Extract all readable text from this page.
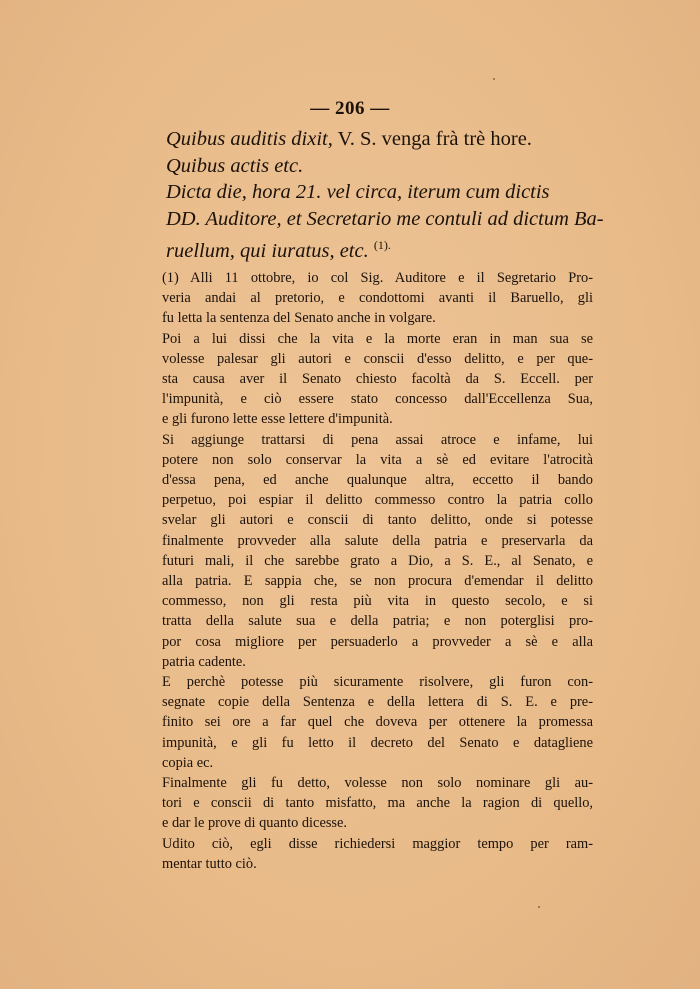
— 206 —

Quibus auditis dixit, V. S. venga frà trè hore.

Quibus actis etc.

Dicta die, hora 21. vel circa, iterum cum dictis

DD. Auditore, et Secretario me contuli ad dictum Ba-

ruellum, qui iuratus, etc. $^{(1).}$

(1) Alli 11 ottobre, io col Sig. Auditore e il Segretario Pro-
veria andai al pretorio, e condottomi avanti il Baruello, gli
fu letta la sentenza del Senato anche in volgare.
Poi a lui dissi che la vita e la morte eran in man sua se
volesse palesar gli autori e conscii d'esso delitto, e per que-
sta causa aver il Senato chiesto facoltà da S. Eccell. per
l'impunità, e ciò essere stato concesso dall'Eccellenza Sua,
e gli furono lette esse lettere d'impunità.
Si aggiunge trattarsi di pena assai atroce e infame, lui
potere non solo conservar la vita a sè ed evitare l'atrocità
d'essa pena, ed anche qualunque altra, eccetto il bando
perpetuo, poi espiar il delitto commesso contro la patria collo
svelar gli autori e conscii di tanto delitto, onde si potesse
finalmente provveder alla salute della patria e preservarla da
futuri mali, il che sarebbe grato a Dio, a S. E., al Senato, e
alla patria. E sappia che, se non procura d'emendar il delitto
commesso, non gli resta più vita in questo secolo, e si
tratta della salute sua e della patria; e non poterglisi pro-
por cosa migliore per persuaderlo a provveder a sè e alla
patria cadente.
E perchè potesse più sicuramente risolvere, gli furon con-
segnate copie della Sentenza e della lettera di S. E. e pre-
finito sei ore a far quel che doveva per ottenere la promessa
impunità, e gli fu letto il decreto del Senato e datagliene
copia ec.
Finalmente gli fu detto, volesse non solo nominare gli au-
tori e conscii di tanto misfatto, ma anche la ragion di quello,
e dar le prove di quanto dicesse.
Udito ciò, egli disse richiedersi maggior tempo per ram-
mentar tutto ciò.
